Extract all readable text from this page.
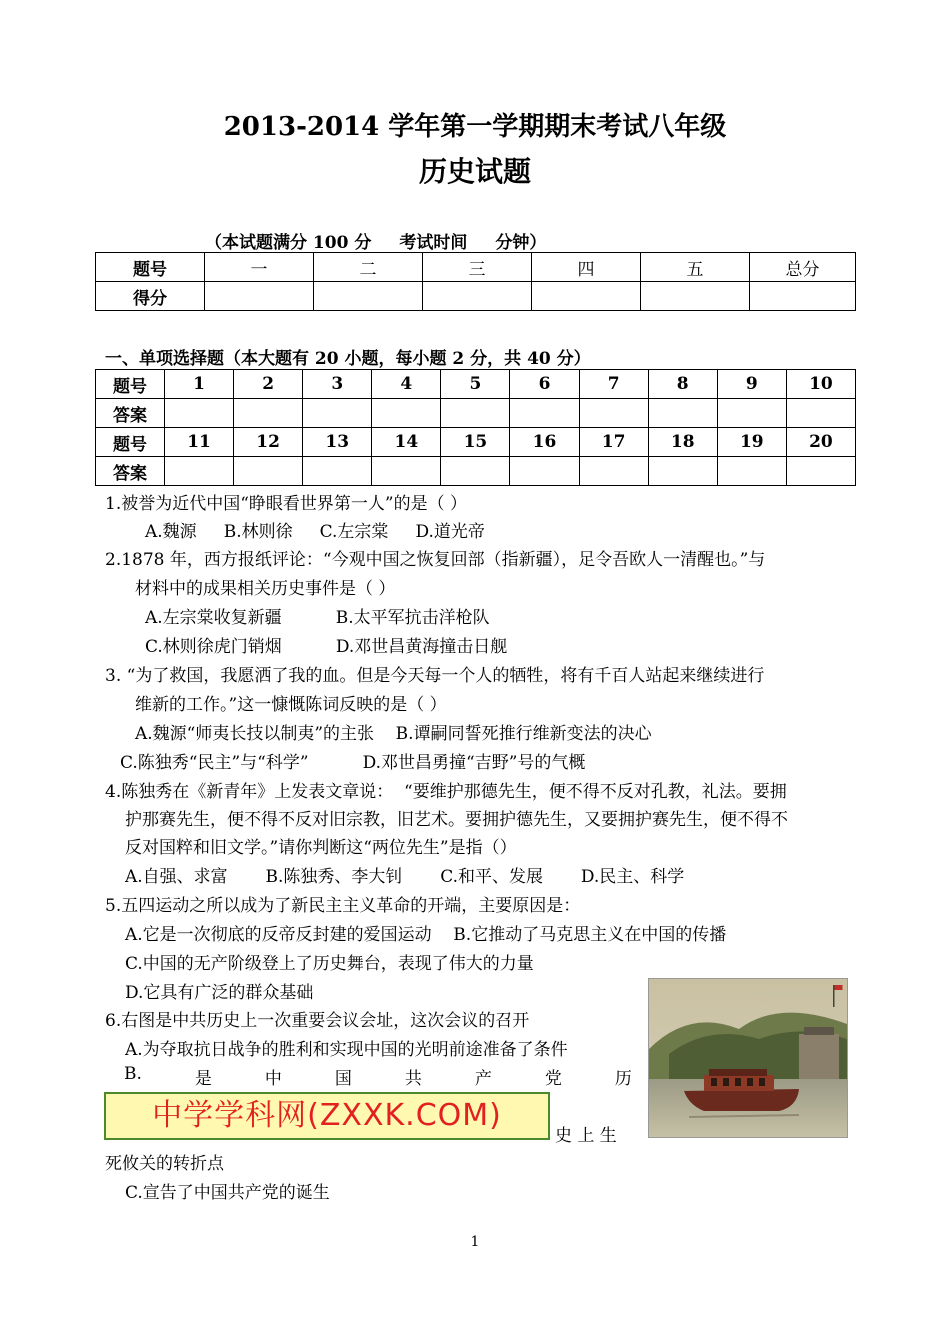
2013-2014 学年第一学期期末考试八年级
历史试题
（本试题满分 100 分 考试时间 分钟）
题号	一	二	三	四	五	总分
得分						
一、单项选择题（本大题有 20 小题，每小题 2 分，共 40 分）
题号	1	2	3	4	5	6	7	8	9	10
答案										
题号	11	12	13	14	15	16	17	18	19	20
答案										
1.被誉为近代中国“睁眼看世界第一人”的是（ ）
A.魏源     B.林则徐     C.左宗棠     D.道光帝
2.1878 年，西方报纸评论：“今观中国之恢复回部（指新疆），足令吾欧人一清醒也。”与
材料中的成果相关历史事件是（ ）
A.左宗棠收复新疆          B.太平军抗击洋枪队
C.林则徐虎门销烟          D.邓世昌黄海撞击日舰
3. “为了救国，我愿洒了我的血。但是今天每一个人的牺牲，将有千百人站起来继续进行
维新的工作。”这一慷慨陈词反映的是（ ）
A.魏源“师夷长技以制夷”的主张    B.谭嗣同誓死推行维新变法的决心
C.陈独秀“民主”与“科学”          D.邓世昌勇撞“吉野”号的气概
4.陈独秀在《新青年》上发表文章说：  “要维护那德先生，便不得不反对孔教，礼法。要拥
护那赛先生，便不得不反对旧宗教，旧艺术。要拥护德先生，又要拥护赛先生，便不得不
反对国粹和旧文学。”请你判断这“两位先生”是指（）
A.自强、求富       B.陈独秀、李大钊       C.和平、发展       D.民主、科学
5.五四运动之所以成为了新民主主义革命的开端，主要原因是：
A.它是一次彻底的反帝反封建的爱国运动    B.它推动了马克思主义在中国的传播
C.中国的无产阶级登上了历史舞台，表现了伟大的力量
D.它具有广泛的群众基础
6.右图是中共历史上一次重要会议会址，这次会议的召开
A.为夺取抗日战争的胜利和实现中国的光明前途准备了条件
B.	是	中	国	共	产	党	历
中学学科网(ZXXK.COM)
史 上 生
死攸关的转折点
C.宣告了中国共产党的诞生
1
